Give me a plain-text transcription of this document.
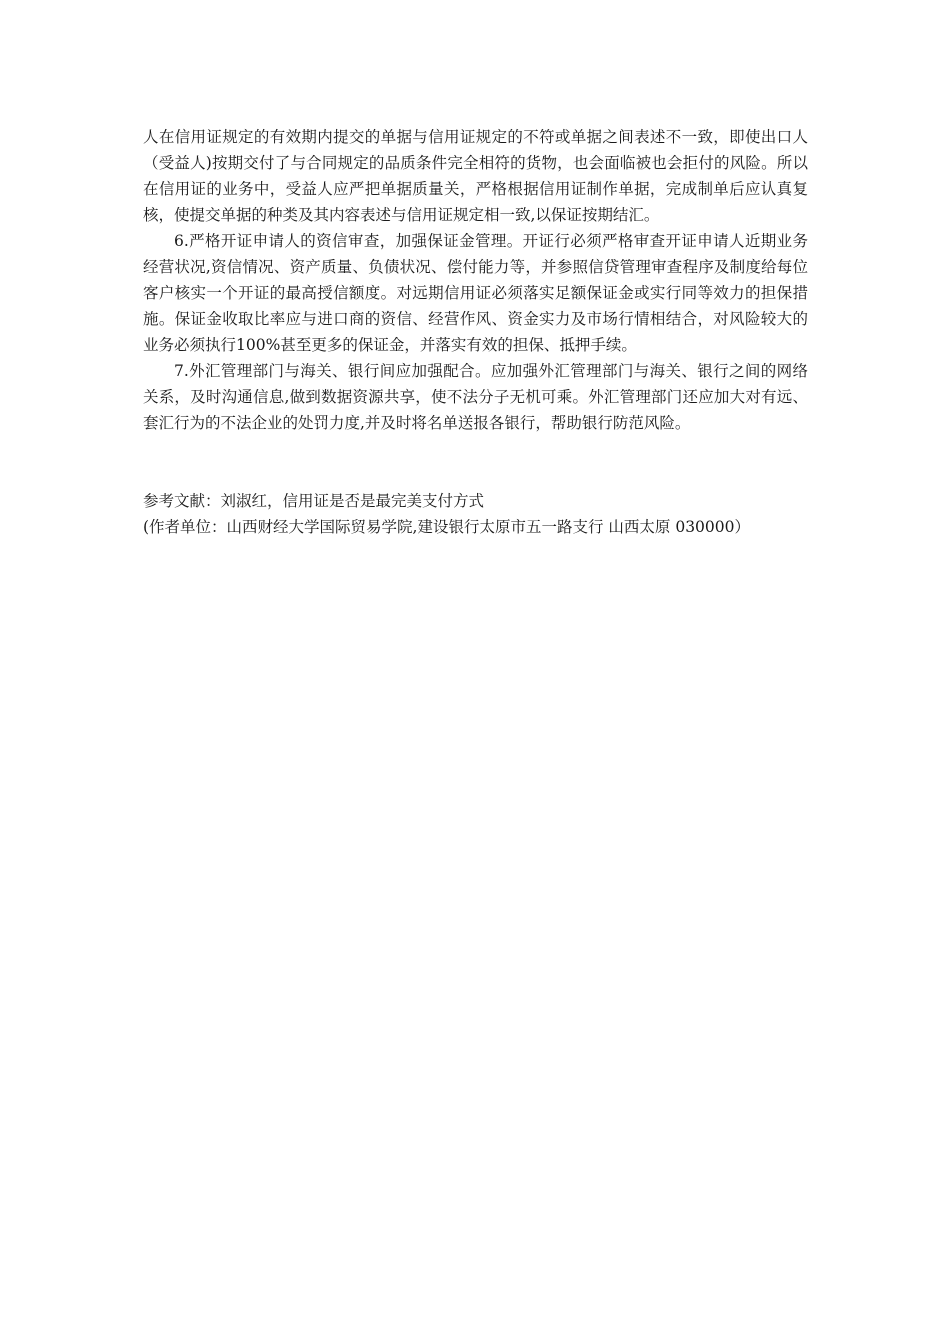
人在信用证规定的有效期内提交的单据与信用证规定的不符或单据之间表述不一致，即使出口人（受益人)按期交付了与合同规定的品质条件完全相符的货物，也会面临被也会拒付的风险。所以在信用证的业务中，受益人应严把单据质量关，严格根据信用证制作单据，完成制单后应认真复核，使提交单据的种类及其内容表述与信用证规定相一致,以保证按期结汇。

6.严格开证申请人的资信审查，加强保证金管理。开证行必须严格审查开证申请人近期业务经营状况,资信情况、资产质量、负债状况、偿付能力等，并参照信贷管理审查程序及制度给每位客户核实一个开证的最高授信额度。对远期信用证必须落实足额保证金或实行同等效力的担保措施。保证金收取比率应与进口商的资信、经营作风、资金实力及市场行情相结合，对风险较大的业务必须执行100%甚至更多的保证金，并落实有效的担保、抵押手续。

7.外汇管理部门与海关、银行间应加强配合。应加强外汇管理部门与海关、银行之间的网络关系，及时沟通信息,做到数据资源共享，使不法分子无机可乘。外汇管理部门还应加大对有远、套汇行为的不法企业的处罚力度,并及时将名单送报各银行，帮助银行防范风险。

参考文献：刘淑红，信用证是否是最完美支付方式

(作者单位：山西财经大学国际贸易学院,建设银行太原市五一路支行 山西太原 030000）
